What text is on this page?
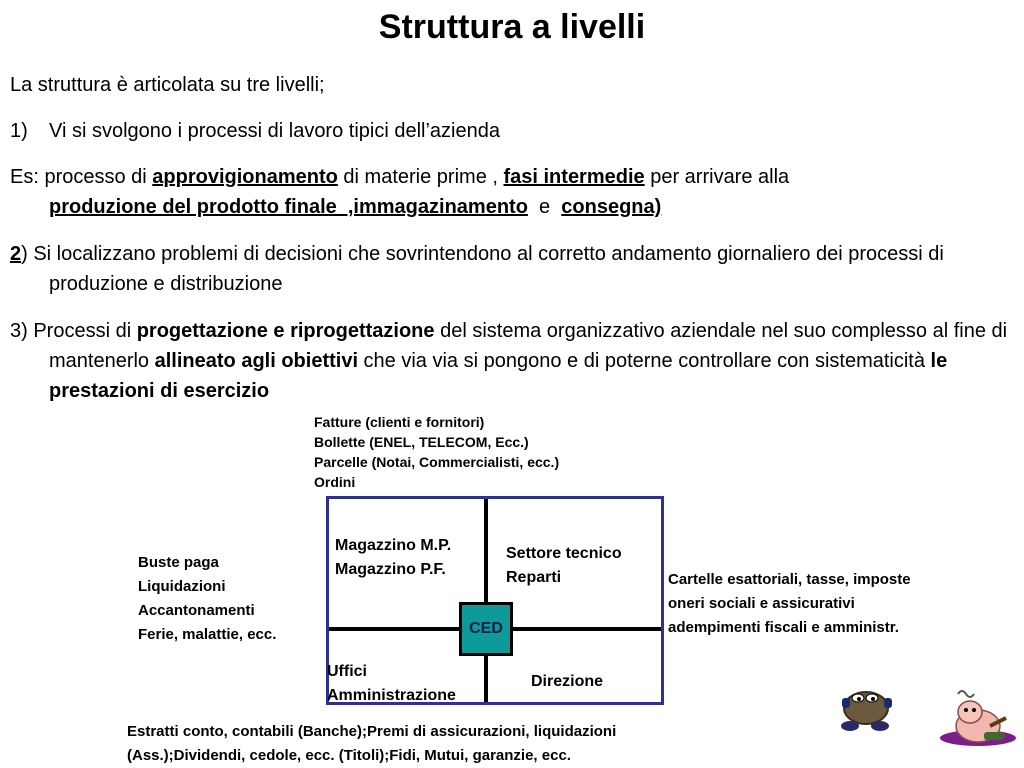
Struttura a livelli
La struttura è articolata su tre livelli;
1) Vi si svolgono i processi di lavoro tipici dell’azienda
Es: processo di approvigionamento di materie prime , fasi intermedie per arrivare alla produzione del prodotto finale  ,immagazinamento  e  consegna)
2) Si localizzano problemi di decisioni che sovrintendono al corretto andamento giornaliero dei processi di produzione e distribuzione
3) Processi di progettazione e riprogettazione del sistema organizzativo aziendale nel suo complesso al fine di mantenerlo allineato agli obiettivi che via via si pongono e di poterne controllare con sistematicità le prestazioni di esercizio
Fatture (clienti e fornitori)
Bollette (ENEL, TELECOM, Ecc.)
Parcelle (Notai, Commercialisti, ecc.)
Ordini
Magazzino M.P.
Magazzino P.F.
Settore tecnico
Reparti
Uffici
Amministrazione
Direzione
CED
Buste paga
Liquidazioni
Accantonamenti
Ferie, malattie, ecc.
Cartelle esattoriali, tasse, imposte
oneri sociali e assicurativi
adempimenti fiscali e amministr.
Estratti conto, contabili (Banche);Premi di assicurazioni, liquidazioni
(Ass.);Dividendi, cedole, ecc. (Titoli);Fidi, Mutui, garanzie, ecc.
